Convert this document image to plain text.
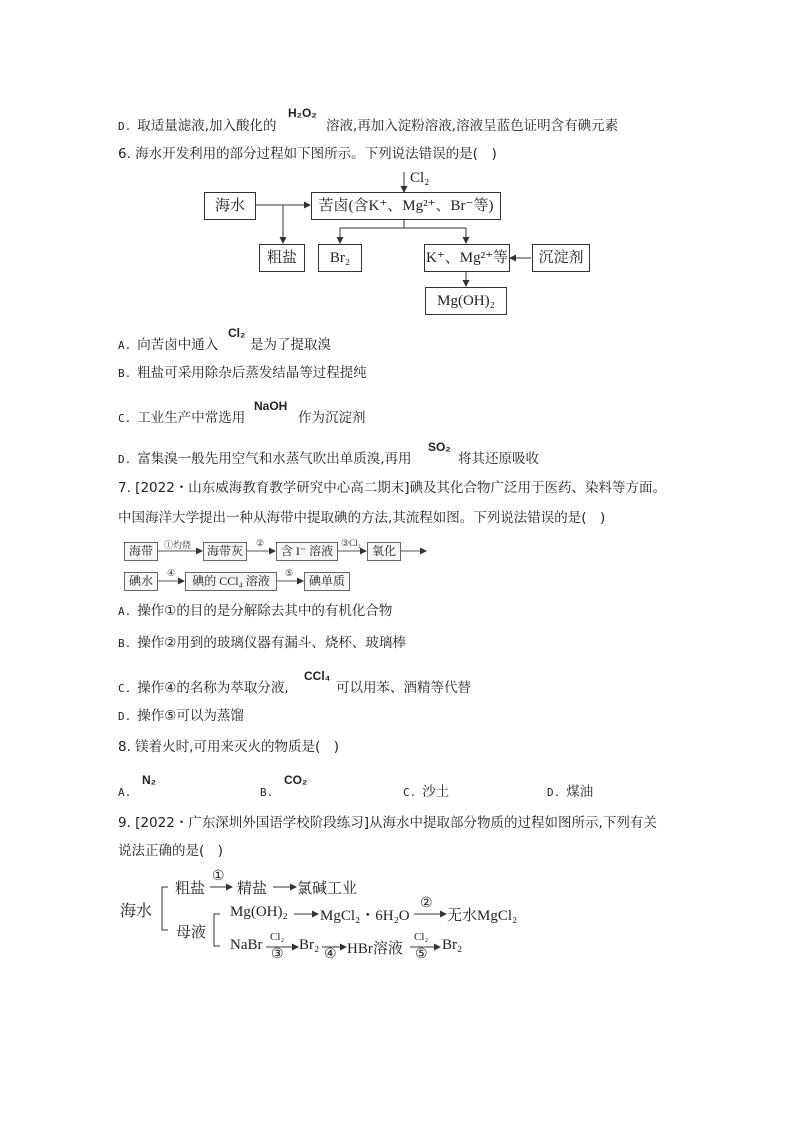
D. 取适量滤液,加入酸化的
H₂O₂
溶液,再加入淀粉溶液,溶液呈蓝色证明含有碘元素
6. 海水开发利用的部分过程如下图所示。下列说法错误的是(　)
Cl₂
海水	苦卤(含K⁺、Mg²⁺、Br⁻等)
粗盐	Br₂	K⁺、Mg²⁺等	沉淀剂
Mg(OH)₂
A. 向苦卤中通入
Cl₂
是为了提取溴
B. 粗盐可采用除杂后蒸发结晶等过程提纯
C. 工业生产中常选用
NaOH
作为沉淀剂
D. 富集溴一般先用空气和水蒸气吹出单质溴,再用
SO₂
将其还原吸收
7. [2022・山东威海教育教学研究中心高二期末]碘及其化合物广泛用于医药、染料等方面。
中国海洋大学提出一种从海带中提取碘的方法,其流程如图。下列说法错误的是(　)
海带	①灼烧	海带灰
②
含 I⁻ 溶液
③Cl₂
氧化
碘水
④
碘的 CCl₄ 溶液
⑤
碘单质
A. 操作①的目的是分解除去其中的有机化合物
B. 操作②用到的玻璃仪器有漏斗、烧杯、玻璃棒
C. 操作④的名称为萃取分液,
CCl₄
可以用苯、酒精等代替
D. 操作⑤可以为蒸馏
8. 镁着火时,可用来灭火的物质是(　)
A.
N₂
B.
CO₂
C. 沙土	D. 煤油
9. [2022・广东深圳外国语学校阶段练习]从海水中提取部分物质的过程如图所示,下列有关
说法正确的是(　)
海水
粗盐
①
精盐 氯碱工业
母液
Mg(OH)₂ MgCl₂・6H₂O
②
无水MgCl₂
NaBr Cl₂
③
Br₂
④ HBr溶液
Cl₂
⑤
Br₂
